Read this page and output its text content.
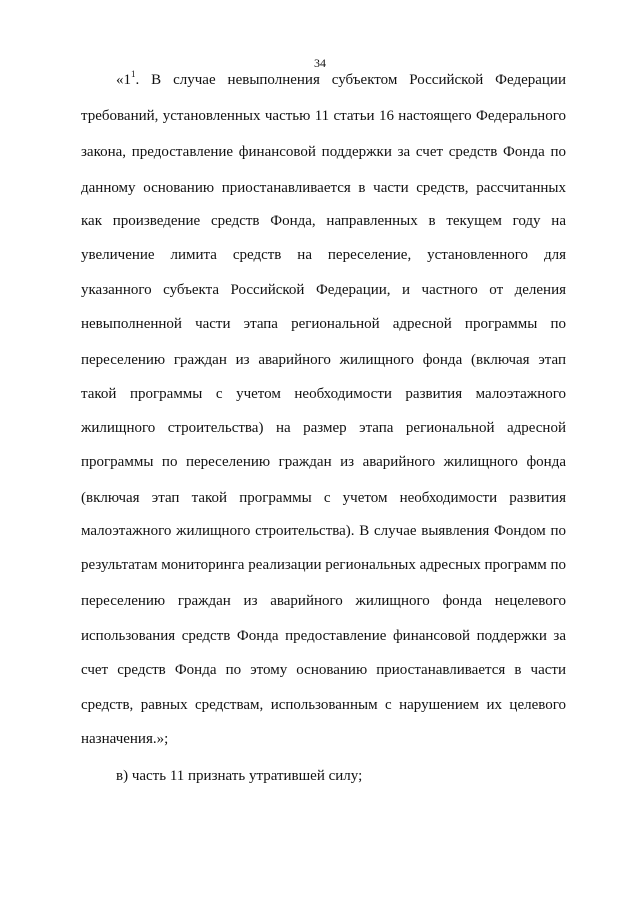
34
«$1^1$. В случае невыполнения субъектом Российской Федерации
требований, установленных частью 11 статьи 16 настоящего Федерального
закона, предоставление финансовой поддержки за счет средств Фонда по
данному основанию приостанавливается в части средств, рассчитанных
как произведение средств Фонда, направленных в текущем году на
увеличение лимита средств на переселение, установленного для
указанного субъекта Российской Федерации, и частного от деления
невыполненной части этапа региональной адресной программы по
переселению граждан из аварийного жилищного фонда (включая этап
такой программы с учетом необходимости развития малоэтажного
жилищного строительства) на размер этапа региональной адресной
программы по переселению граждан из аварийного жилищного фонда
(включая этап такой программы с учетом необходимости развития
малоэтажного жилищного строительства). В случае выявления Фондом по
результатам мониторинга реализации региональных адресных программ по
переселению граждан из аварийного жилищного фонда нецелевого
использования средств Фонда предоставление финансовой поддержки за
счет средств Фонда по этому основанию приостанавливается в части
средств, равных средствам, использованным с нарушением их целевого
назначения.»;
в) часть 11 признать утратившей силу;
